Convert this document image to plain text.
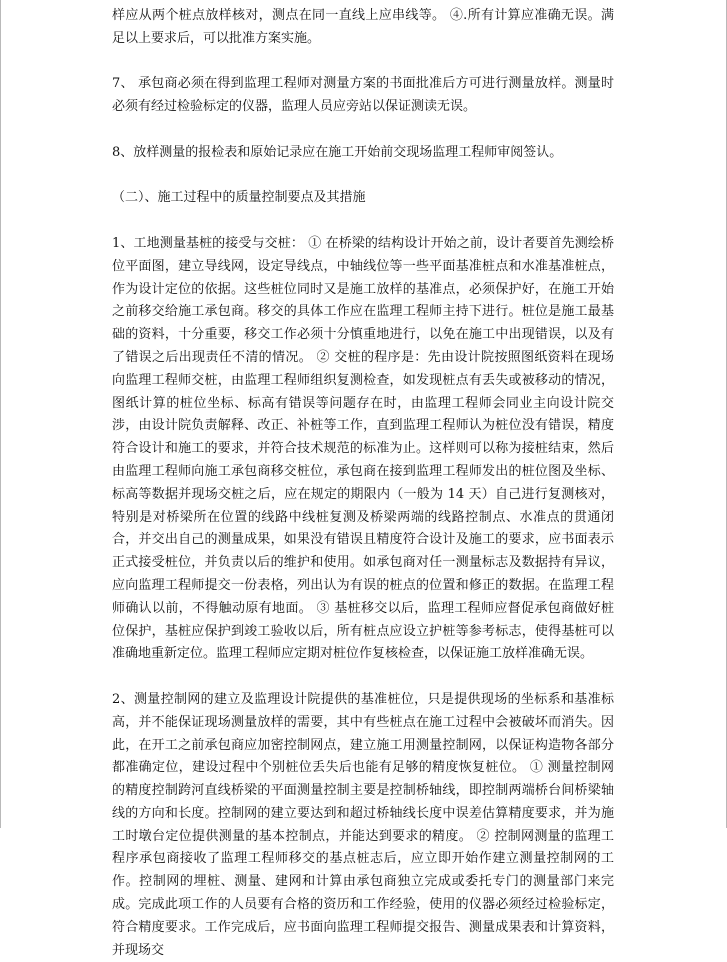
样应从两个桩点放样核对，测点在同一直线上应串线等。 ④.所有计算应准确无误。满足以上要求后，可以批准方案实施。

7、 承包商必须在得到监理工程师对测量方案的书面批准后方可进行测量放样。测量时必须有经过检验标定的仪器，监理人员应旁站以保证测读无误。

8、放样测量的报检表和原始记录应在施工开始前交现场监理工程师审阅签认。

（二）、施工过程中的质量控制要点及其措施

1、工地测量基桩的接受与交桩： ① 在桥梁的结构设计开始之前，设计者要首先测绘桥位平面图，建立导线网，设定导线点，中轴线位等一些平面基准桩点和水准基准桩点，作为设计定位的依据。这些桩位同时又是施工放样的基准点，必须保护好，在施工开始之前移交给施工承包商。移交的具体工作应在监理工程师主持下进行。桩位是施工最基础的资料，十分重要，移交工作必须十分慎重地进行，以免在施工中出现错误，以及有了错误之后出现责任不清的情况。 ② 交桩的程序是：先由设计院按照图纸资料在现场向监理工程师交桩，由监理工程师组织复测检查，如发现桩点有丢失或被移动的情况，图纸计算的桩位坐标、标高有错误等问题存在时，由监理工程师会同业主向设计院交涉，由设计院负责解释、改正、补桩等工作，直到监理工程师认为桩位没有错误，精度符合设计和施工的要求，并符合技术规范的标准为止。这样则可以称为接桩结束，然后由监理工程师向施工承包商移交桩位，承包商在接到监理工程师发出的桩位图及坐标、标高等数据并现场交桩之后，应在规定的期限内（一般为 14 天）自己进行复测核对，特别是对桥梁所在位置的线路中线桩复测及桥梁两端的线路控制点、水准点的贯通闭合，并交出自己的测量成果，如果没有错误且精度符合设计及施工的要求，应书面表示正式接受桩位，并负责以后的维护和使用。如承包商对任一测量标志及数据持有异议，应向监理工程师提交一份表格，列出认为有误的桩点的位置和修正的数据。在监理工程师确认以前，不得触动原有地面。 ③ 基桩移交以后，监理工程师应督促承包商做好桩位保护，基桩应保护到竣工验收以后，所有桩点应设立护桩等参考标志，使得基桩可以准确地重新定位。监理工程师应定期对桩位作复核检查，以保证施工放样准确无误。

2、测量控制网的建立及监理设计院提供的基准桩位，只是提供现场的坐标系和基准标高，并不能保证现场测量放样的需要，其中有些桩点在施工过程中会被破坏而消失。因此，在开工之前承包商应加密控制网点，建立施工用测量控制网，以保证构造物各部分都准确定位，建设过程中个别桩位丢失后也能有足够的精度恢复桩位。 ① 测量控制网的精度控制跨河直线桥梁的平面测量控制主要是控制桥轴线，即控制两端桥台间桥梁轴线的方向和长度。控制网的建立要达到和超过桥轴线长度中误差估算精度要求，并为施工时墩台定位提供测量的基本控制点，并能达到要求的精度。 ② 控制网测量的监理工程序承包商接收了监理工程师移交的基点桩志后，应立即开始作建立测量控制网的工作。控制网的埋桩、测量、建网和计算由承包商独立完成或委托专门的测量部门来完成。完成此项工作的人员要有合格的资历和工作经验，使用的仪器必须经过检验标定，符合精度要求。工作完成后，应书面向监理工程师提交报告、测量成果表和计算资料，并现场交
